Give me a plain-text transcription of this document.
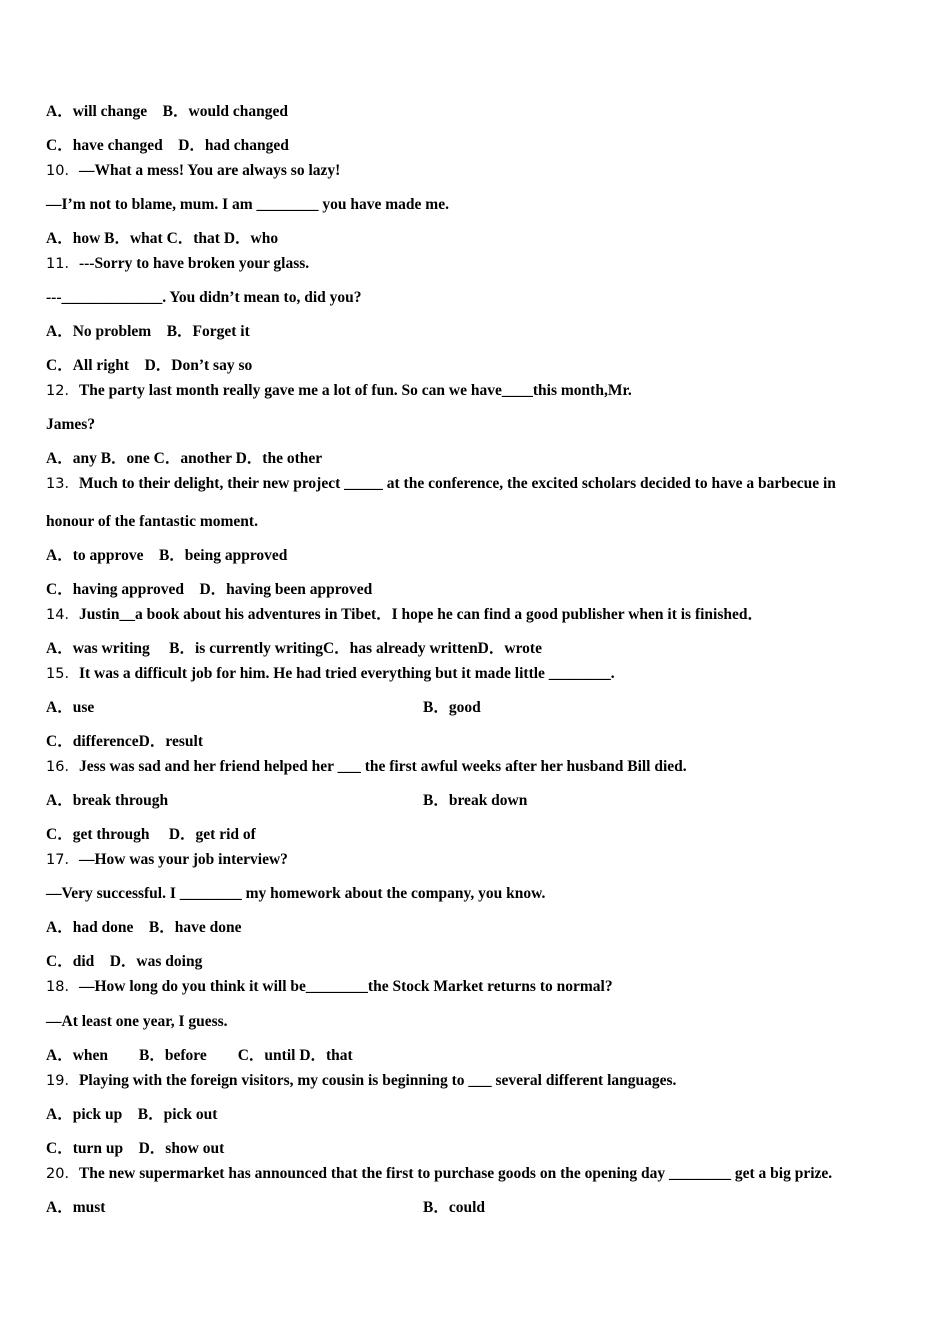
A．will change　B．would changed
C．have changed　D．had changed
10．—What a mess! You are always so lazy!
—I’m not to blame, mum. I am ________ you have made me.
A．how B．what C．that D．who
11．---Sorry to have broken your glass.
---_____________. You didn’t mean to, did you?
A．No problem　B．Forget it
C．All right　D．Don’t say so
12．The party last month really gave me a lot of fun. So can we have____this month,Mr.
James?
A．any B．one C．another D．the other
13．Much to their delight, their new project _____ at the conference, the excited scholars decided to have a barbecue in
honour of the fantastic moment.
A．to approve　B．being approved
C．having approved　D．having been approved
14．Justin__a book about his adventures in Tibet．I hope he can find a good publisher when it is finished．
A．was writing　 B．is currently writingC．has already writtenD．wrote
15．It was a difficult job for him. He had tried everything but it made little ________.
A．use	B．good
C．differenceD．result
16．Jess was sad and her friend helped her ___ the first awful weeks after her husband Bill died.
A．break through	B．break down
C．get through　 D．get rid of
17．—How was your job interview?
—Very successful. I ________ my homework about the company, you know.
A．had done　B．have done
C．did　D．was doing
18．—How long do you think it will be________the Stock Market returns to normal?
—At least one year, I guess.
A．when　　B．before　　C．until D．that
19．Playing with the foreign visitors, my cousin is beginning to ___ several different languages.
A．pick up　B．pick out
C．turn up　D．show out
20．The new supermarket has announced that the first to purchase goods on the opening day ________ get a big prize.
A．must	B．could
